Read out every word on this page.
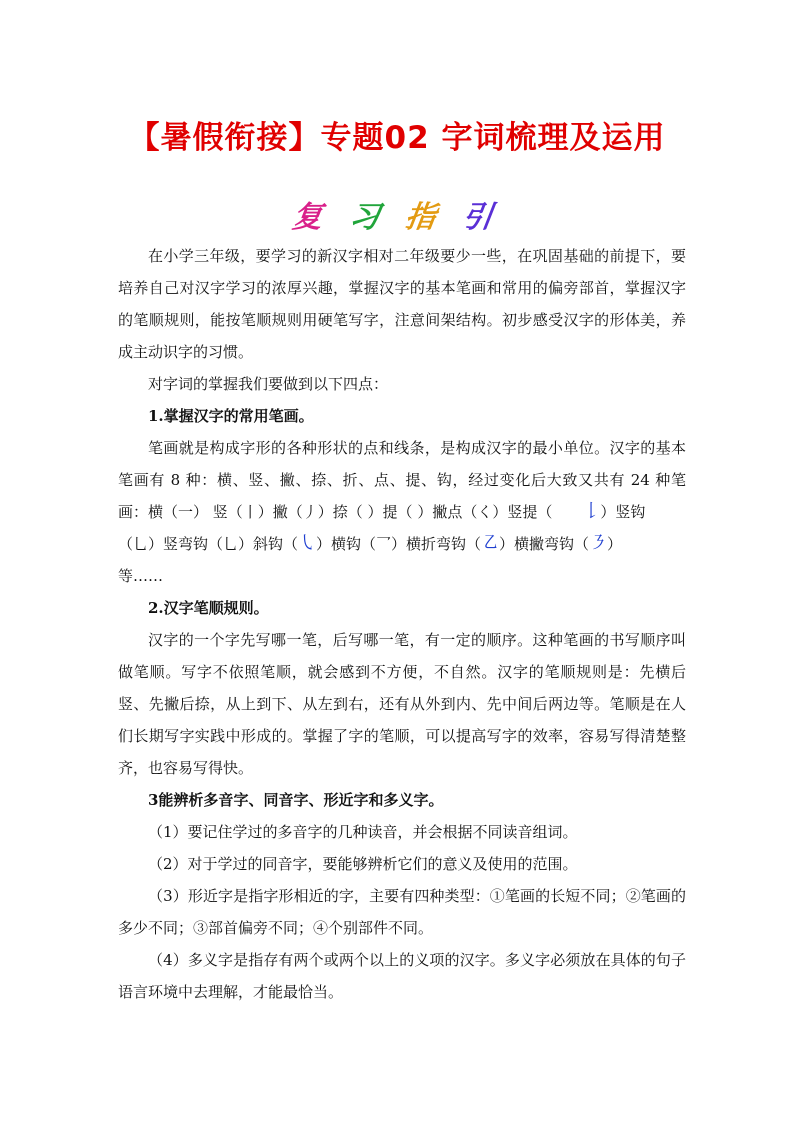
【暑假衔接】专题02 字词梳理及运用
复 习 指 引

在小学三年级，要学习的新汉字相对二年级要少一些，在巩固基础的前提下，要培养自己对汉字学习的浓厚兴趣，掌握汉字的基本笔画和常用的偏旁部首，掌握汉字的笔顺规则，能按笔顺规则用硬笔写字，注意间架结构。初步感受汉字的形体美，养成主动识字的习惯。

对字词的掌握我们要做到以下四点：

1.掌握汉字的常用笔画。

笔画就是构成字形的各种形状的点和线条，是构成汉字的最小单位。汉字的基本笔画有 8 种：横、竖、撇、捺、折、点、提、钩，经过变化后大致又共有 24 种笔画：横（一） 竖（丨）撇（丿）捺（ ）提（ ）撇点（く）竖提（ 𠄌）竖钩

（乚）竖弯钩（乚）斜钩（㇂）横钩（乛）横折弯钩（㇠）横撇弯钩（㇋）

等……

2.汉字笔顺规则。

汉字的一个字先写哪一笔，后写哪一笔，有一定的顺序。这种笔画的书写顺序叫做笔顺。写字不依照笔顺，就会感到不方便，不自然。汉字的笔顺规则是：先横后竖、先撇后捺，从上到下、从左到右，还有从外到内、先中间后两边等。笔顺是在人们长期写字实践中形成的。掌握了字的笔顺，可以提高写字的效率，容易写得清楚整齐，也容易写得快。

3能辨析多音字、同音字、形近字和多义字。

（1）要记住学过的多音字的几种读音，并会根据不同读音组词。

（2）对于学过的同音字，要能够辨析它们的意义及使用的范围。

（3）形近字是指字形相近的字，主要有四种类型：①笔画的长短不同；②笔画的多少不同；③部首偏旁不同；④个别部件不同。

（4）多义字是指存有两个或两个以上的义项的汉字。多义字必须放在具体的句子语言环境中去理解，才能最恰当。
